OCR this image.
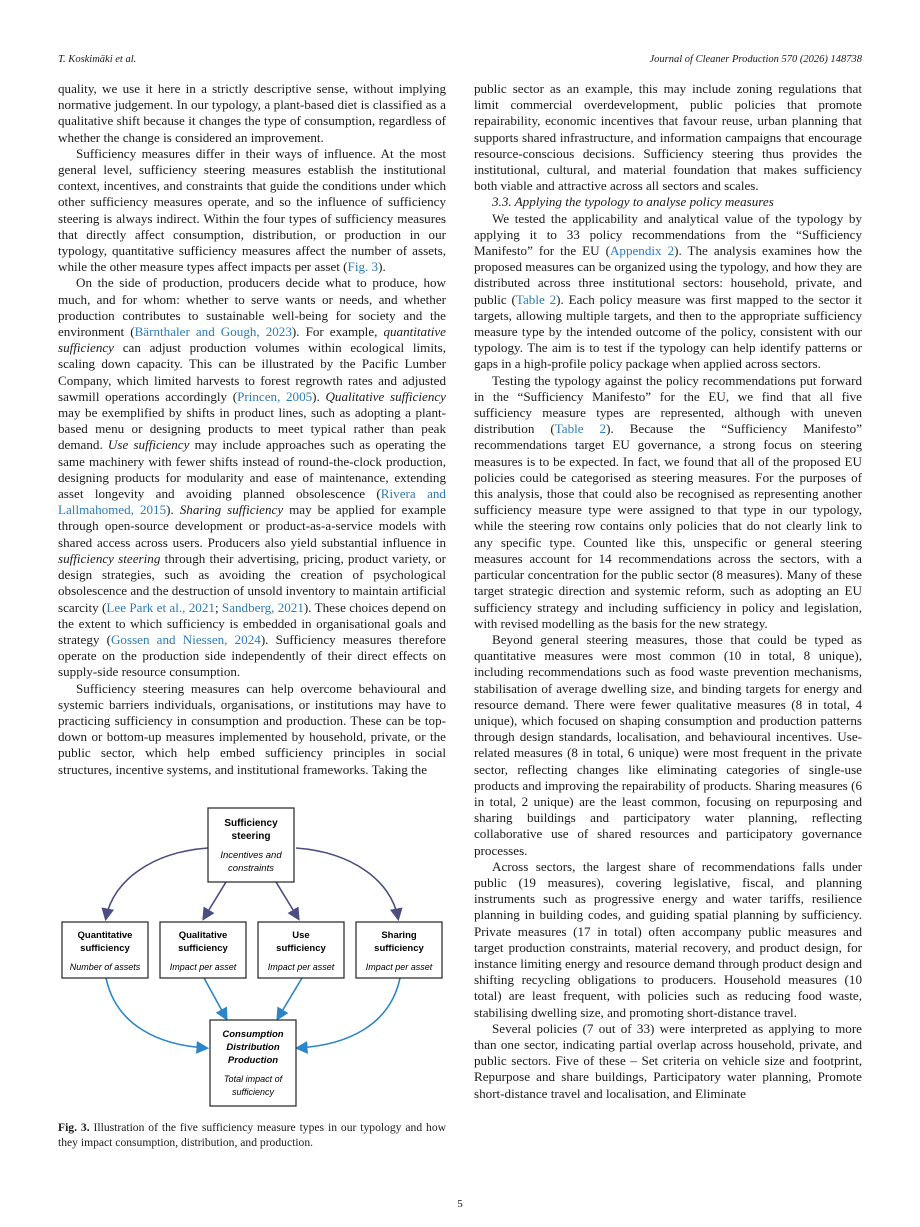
T. Koskimäki et al.	Journal of Cleaner Production 570 (2026) 148738

quality, we use it here in a strictly descriptive sense, without implying normative judgement. In our typology, a plant-based diet is classified as a qualitative shift because it changes the type of consumption, regardless of whether the change is considered an improvement.

Sufficiency measures differ in their ways of influence. At the most general level, sufficiency steering measures establish the institutional context, incentives, and constraints that guide the conditions under which other sufficiency measures operate, and so the influence of sufficiency steering is always indirect. Within the four types of sufficiency measures that directly affect consumption, distribution, or production in our typology, quantitative sufficiency measures affect the number of assets, while the other measure types affect impacts per asset (Fig. 3).

On the side of production, producers decide what to produce, how much, and for whom: whether to serve wants or needs, and whether production contributes to sustainable well-being for society and the environment (Bärnthaler and Gough, 2023). For example, quantitative sufficiency can adjust production volumes within ecological limits, scaling down capacity. This can be illustrated by the Pacific Lumber Company, which limited harvests to forest regrowth rates and adjusted sawmill operations accordingly (Princen, 2005). Qualitative sufficiency may be exemplified by shifts in product lines, such as adopting a plant-based menu or designing products to meet typical rather than peak demand. Use sufficiency may include approaches such as operating the same machinery with fewer shifts instead of round-the-clock production, designing products for modularity and ease of maintenance, extending asset longevity and avoiding planned obsolescence (Rivera and Lallmahomed, 2015). Sharing sufficiency may be applied for example through open-source development or product-as-a-service models with shared access across users. Producers also yield substantial influence in sufficiency steering through their advertising, pricing, product variety, or design strategies, such as avoiding the creation of psychological obsolescence and the destruction of unsold inventory to maintain artificial scarcity (Lee Park et al., 2021; Sandberg, 2021). These choices depend on the extent to which sufficiency is embedded in organisational goals and strategy (Gossen and Niessen, 2024). Sufficiency measures therefore operate on the production side independently of their direct effects on supply-side resource consumption.

Sufficiency steering measures can help overcome behavioural and systemic barriers individuals, organisations, or institutions may have to practicing sufficiency in consumption and production. These can be top-down or bottom-up measures implemented by household, private, or the public sector, which help embed sufficiency principles in social structures, incentive systems, and institutional frameworks. Taking the

Sufficiency
steering
Incentives and
constraints
Quantitative
sufficiency
Number of assets
Qualitative
sufficiency
Impact per asset
Use
sufficiency
Impact per asset
Sharing
sufficiency
Impact per asset
Consumption
Distribution
Production
Total impact of
sufficiency
Fig. 3. Illustration of the five sufficiency measure types in our typology and how they impact consumption, distribution, and production.

public sector as an example, this may include zoning regulations that limit commercial overdevelopment, public policies that promote repairability, economic incentives that favour reuse, urban planning that supports shared infrastructure, and information campaigns that encourage resource-conscious decisions. Sufficiency steering thus provides the institutional, cultural, and material foundation that makes sufficiency both viable and attractive across all sectors and scales.

3.3. Applying the typology to analyse policy measures

We tested the applicability and analytical value of the typology by applying it to 33 policy recommendations from the “Sufficiency Manifesto” for the EU (Appendix 2). The analysis examines how the proposed measures can be organized using the typology, and how they are distributed across three institutional sectors: household, private, and public (Table 2). Each policy measure was first mapped to the sector it targets, allowing multiple targets, and then to the appropriate sufficiency measure type by the intended outcome of the policy, consistent with our typology. The aim is to test if the typology can help identify patterns or gaps in a high-profile policy package when applied across sectors.

Testing the typology against the policy recommendations put forward in the “Sufficiency Manifesto” for the EU, we find that all five sufficiency measure types are represented, although with uneven distribution (Table 2). Because the “Sufficiency Manifesto” recommendations target EU governance, a strong focus on steering measures is to be expected. In fact, we found that all of the proposed EU policies could be categorised as steering measures. For the purposes of this analysis, those that could also be recognised as representing another sufficiency measure type were assigned to that type in our typology, while the steering row contains only policies that do not clearly link to any specific type. Counted like this, unspecific or general steering measures account for 14 recommendations across the sectors, with a particular concentration for the public sector (8 measures). Many of these target strategic direction and systemic reform, such as adopting an EU sufficiency strategy and including sufficiency in policy and legislation, with revised modelling as the basis for the new strategy.

Beyond general steering measures, those that could be typed as quantitative measures were most common (10 in total, 8 unique), including recommendations such as food waste prevention mechanisms, stabilisation of average dwelling size, and binding targets for energy and resource demand. There were fewer qualitative measures (8 in total, 4 unique), which focused on shaping consumption and production patterns through design standards, localisation, and behavioural incentives. Use-related measures (8 in total, 6 unique) were most frequent in the private sector, reflecting changes like eliminating categories of single-use products and improving the repairability of products. Sharing measures (6 in total, 2 unique) are the least common, focusing on repurposing and sharing buildings and participatory water planning, reflecting collaborative use of shared resources and participatory governance processes.

Across sectors, the largest share of recommendations falls under public (19 measures), covering legislative, fiscal, and planning instruments such as progressive energy and water tariffs, resilience planning in building codes, and guiding spatial planning by sufficiency. Private measures (17 in total) often accompany public measures and target production constraints, material recovery, and product design, for instance limiting energy and resource demand through product design and shifting recycling obligations to producers. Household measures (10 total) are least frequent, with policies such as reducing food waste, stabilising dwelling size, and promoting short-distance travel.

Several policies (7 out of 33) were interpreted as applying to more than one sector, indicating partial overlap across household, private, and public sectors. Five of these – Set criteria on vehicle size and footprint, Repurpose and share buildings, Participatory water planning, Promote short-distance travel and localisation, and Eliminate

5
